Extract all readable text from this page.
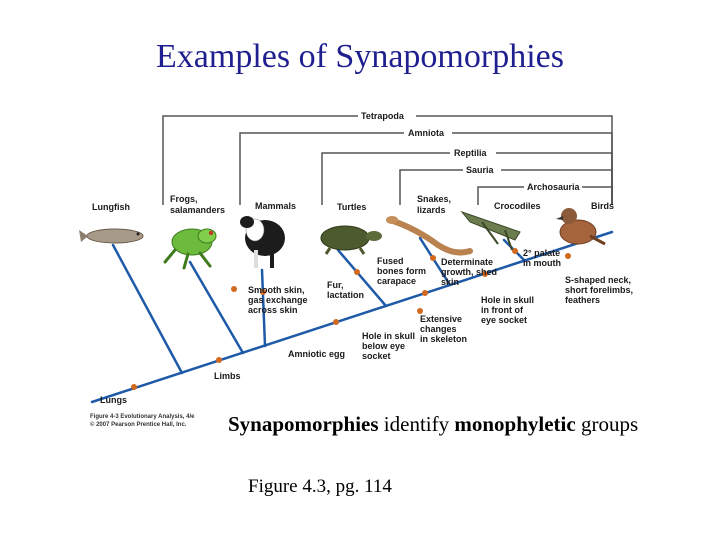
Examples of Synapomorphies
Tetrapoda
Amniota
Reptilia
Sauria
Archosauria
Lungfish
Frogs,
salamanders	Mammals	Turtles
Snakes,
lizards	Crocodiles	Birds
Lungs
Limbs
Amniotic egg
Smooth skin,
gas exchange
across skin
Fur,
lactation
Hole in skull
below eye
socket
Fused
bones form
carapace
Extensive
changes
in skeleton
Determinate
growth, shed
skin
Hole in skull
in front of
eye socket
2° palate
in mouth
S-shaped neck,
short forelimbs,
feathers
Figure 4-3 Evolutionary Analysis, 4/e
© 2007 Pearson Prentice Hall, Inc. Synapomorphies identify monophyletic groups
Figure 4.3, pg. 114
